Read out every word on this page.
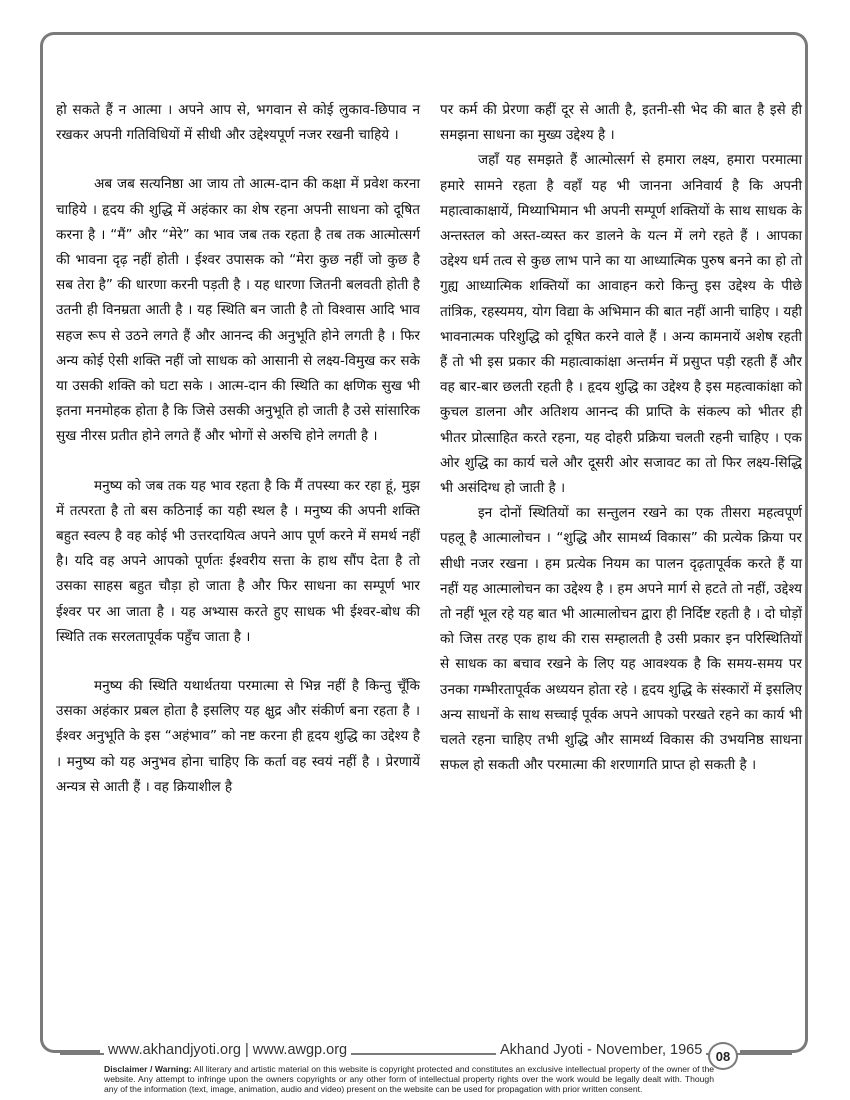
हो सकते हैं न आत्मा । अपने आप से, भगवान से कोई लुकाव-छिपाव न रखकर अपनी गतिविधियों में सीधी और उद्देश्यपूर्ण नजर रखनी चाहिये ।

अब जब सत्यनिष्ठा आ जाय तो आत्म-दान की कक्षा में प्रवेश करना चाहिये । हृदय की शुद्धि में अहंकार का शेष रहना अपनी साधना को दूषित करना है । “मैं” और “मेरे” का भाव जब तक रहता है तब तक आत्मोत्सर्ग की भावना दृढ़ नहीं होती । ईश्वर उपासक को “मेरा कुछ नहीं जो कुछ है सब तेरा है” की धारणा करनी पड़ती है । यह धारणा जितनी बलवती होती है उतनी ही विनम्रता आती है । यह स्थिति बन जाती है तो विश्वास आदि भाव सहज रूप से उठने लगते हैं और आनन्द की अनुभूति होने लगती है । फिर अन्य कोई ऐसी शक्ति नहीं जो साधक को आसानी से लक्ष्य-विमुख कर सके या उसकी शक्ति को घटा सके । आत्म-दान की स्थिति का क्षणिक सुख भी इतना मनमोहक होता है कि जिसे उसकी अनुभूति हो जाती है उसे सांसारिक सुख नीरस प्रतीत होने लगते हैं और भोगों से अरुचि होने लगती है ।

मनुष्य को जब तक यह भाव रहता है कि मैं तपस्या कर रहा हूं, मुझ में तत्परता है तो बस कठिनाई का यही स्थल है । मनुष्य की अपनी शक्ति बहुत स्वल्प है वह कोई भी उत्तरदायित्व अपने आप पूर्ण करने में समर्थ नहीं है। यदि वह अपने आपको पूर्णतः ईश्वरीय सत्ता के हाथ सौंप देता है तो उसका साहस बहुत चौड़ा हो जाता है और फिर साधना का सम्पूर्ण भार ईश्वर पर आ जाता है । यह अभ्यास करते हुए साधक भी ईश्वर-बोध की स्थिति तक सरलतापूर्वक पहुँच जाता है ।

मनुष्य की स्थिति यथार्थतया परमात्मा से भिन्न नहीं है किन्तु चूँकि उसका अहंकार प्रबल होता है इसलिए यह क्षुद्र और संकीर्ण बना रहता है । ईश्वर अनुभूति के इस “अहंभाव” को नष्ट करना ही हृदय शुद्धि का उद्देश्य है । मनुष्य को यह अनुभव होना चाहिए कि कर्ता वह स्वयं नहीं है । प्रेरणायें अन्यत्र से आती हैं । वह क्रियाशील है

पर कर्म की प्रेरणा कहीं दूर से आती है, इतनी-सी भेद की बात है इसे ही समझना साधना का मुख्य उद्देश्य है ।

जहाँ यह समझते हैं आत्मोत्सर्ग से हमारा लक्ष्य, हमारा परमात्मा हमारे सामने रहता है वहाँ यह भी जानना अनिवार्य है कि अपनी महात्वाकाक्षायें, मिथ्याभिमान भी अपनी सम्पूर्ण शक्तियों के साथ साधक के अन्तस्तल को अस्त-व्यस्त कर डालने के यत्न में लगे रहते हैं । आपका उद्देश्य धर्म तत्व से कुछ लाभ पाने का या आध्यात्मिक पुरुष बनने का हो तो गुह्य आध्यात्मिक शक्तियों का आवाहन करो किन्तु इस उद्देश्य के पीछे तांत्रिक, रहस्यमय, योग विद्या के अभिमान की बात नहीं आनी चाहिए । यही भावनात्मक परिशुद्धि को दूषित करने वाले हैं । अन्य कामनायें अशेष रहती हैं तो भी इस प्रकार की महात्वाकांक्षा अन्तर्मन में प्रसुप्त पड़ी रहती हैं और वह बार-बार छलती रहती है । हृदय शुद्धि का उद्देश्य है इस महत्वाकांक्षा को कुचल डालना और अतिशय आनन्द की प्राप्ति के संकल्प को भीतर ही भीतर प्रोत्साहित करते रहना, यह दोहरी प्रक्रिया चलती रहनी चाहिए । एक ओर शुद्धि का कार्य चले और दूसरी ओर सजावट का तो फिर लक्ष्य-सिद्धि भी असंदिग्ध हो जाती है ।

इन दोनों स्थितियों का सन्तुलन रखने का एक तीसरा महत्वपूर्ण पहलू है आत्मालोचन । “शुद्धि और सामर्थ्य विकास” की प्रत्येक क्रिया पर सीधी नजर रखना । हम प्रत्येक नियम का पालन दृढ़तापूर्वक करते हैं या नहीं यह आत्मालोचन का उद्देश्य है । हम अपने मार्ग से हटते तो नहीं, उद्देश्य तो नहीं भूल रहे यह बात भी आत्मालोचन द्वारा ही निर्दिष्ट रहती है । दो घोड़ों को जिस तरह एक हाथ की रास सम्हालती है उसी प्रकार इन परिस्थितियों से साधक का बचाव रखने के लिए यह आवश्यक है कि समय-समय पर उनका गम्भीरतापूर्वक अध्ययन होता रहे । हृदय शुद्धि के संस्कारों में इसलिए अन्य साधनों के साथ सच्चाई पूर्वक अपने आपको परखते रहने का कार्य भी चलते रहना चाहिए तभी शुद्धि और सामर्थ्य विकास की उभयनिष्ठ साधना सफल हो सकती और परमात्मा की शरणागति प्राप्त हो सकती है ।

www.akhandjyoti.org | www.awgp.org	Akhand Jyoti - November, 1965	08
Disclaimer / Warning: All literary and artistic material on this website is copyright protected and constitutes an exclusive intellectual property of the owner of the website. Any attempt to infringe upon the owners copyrights or any other form of intellectual property rights over the work would be legally dealt with. Though any of the information (text, image, animation, audio and video) present on the website can be used for propagation with prior written consent.
